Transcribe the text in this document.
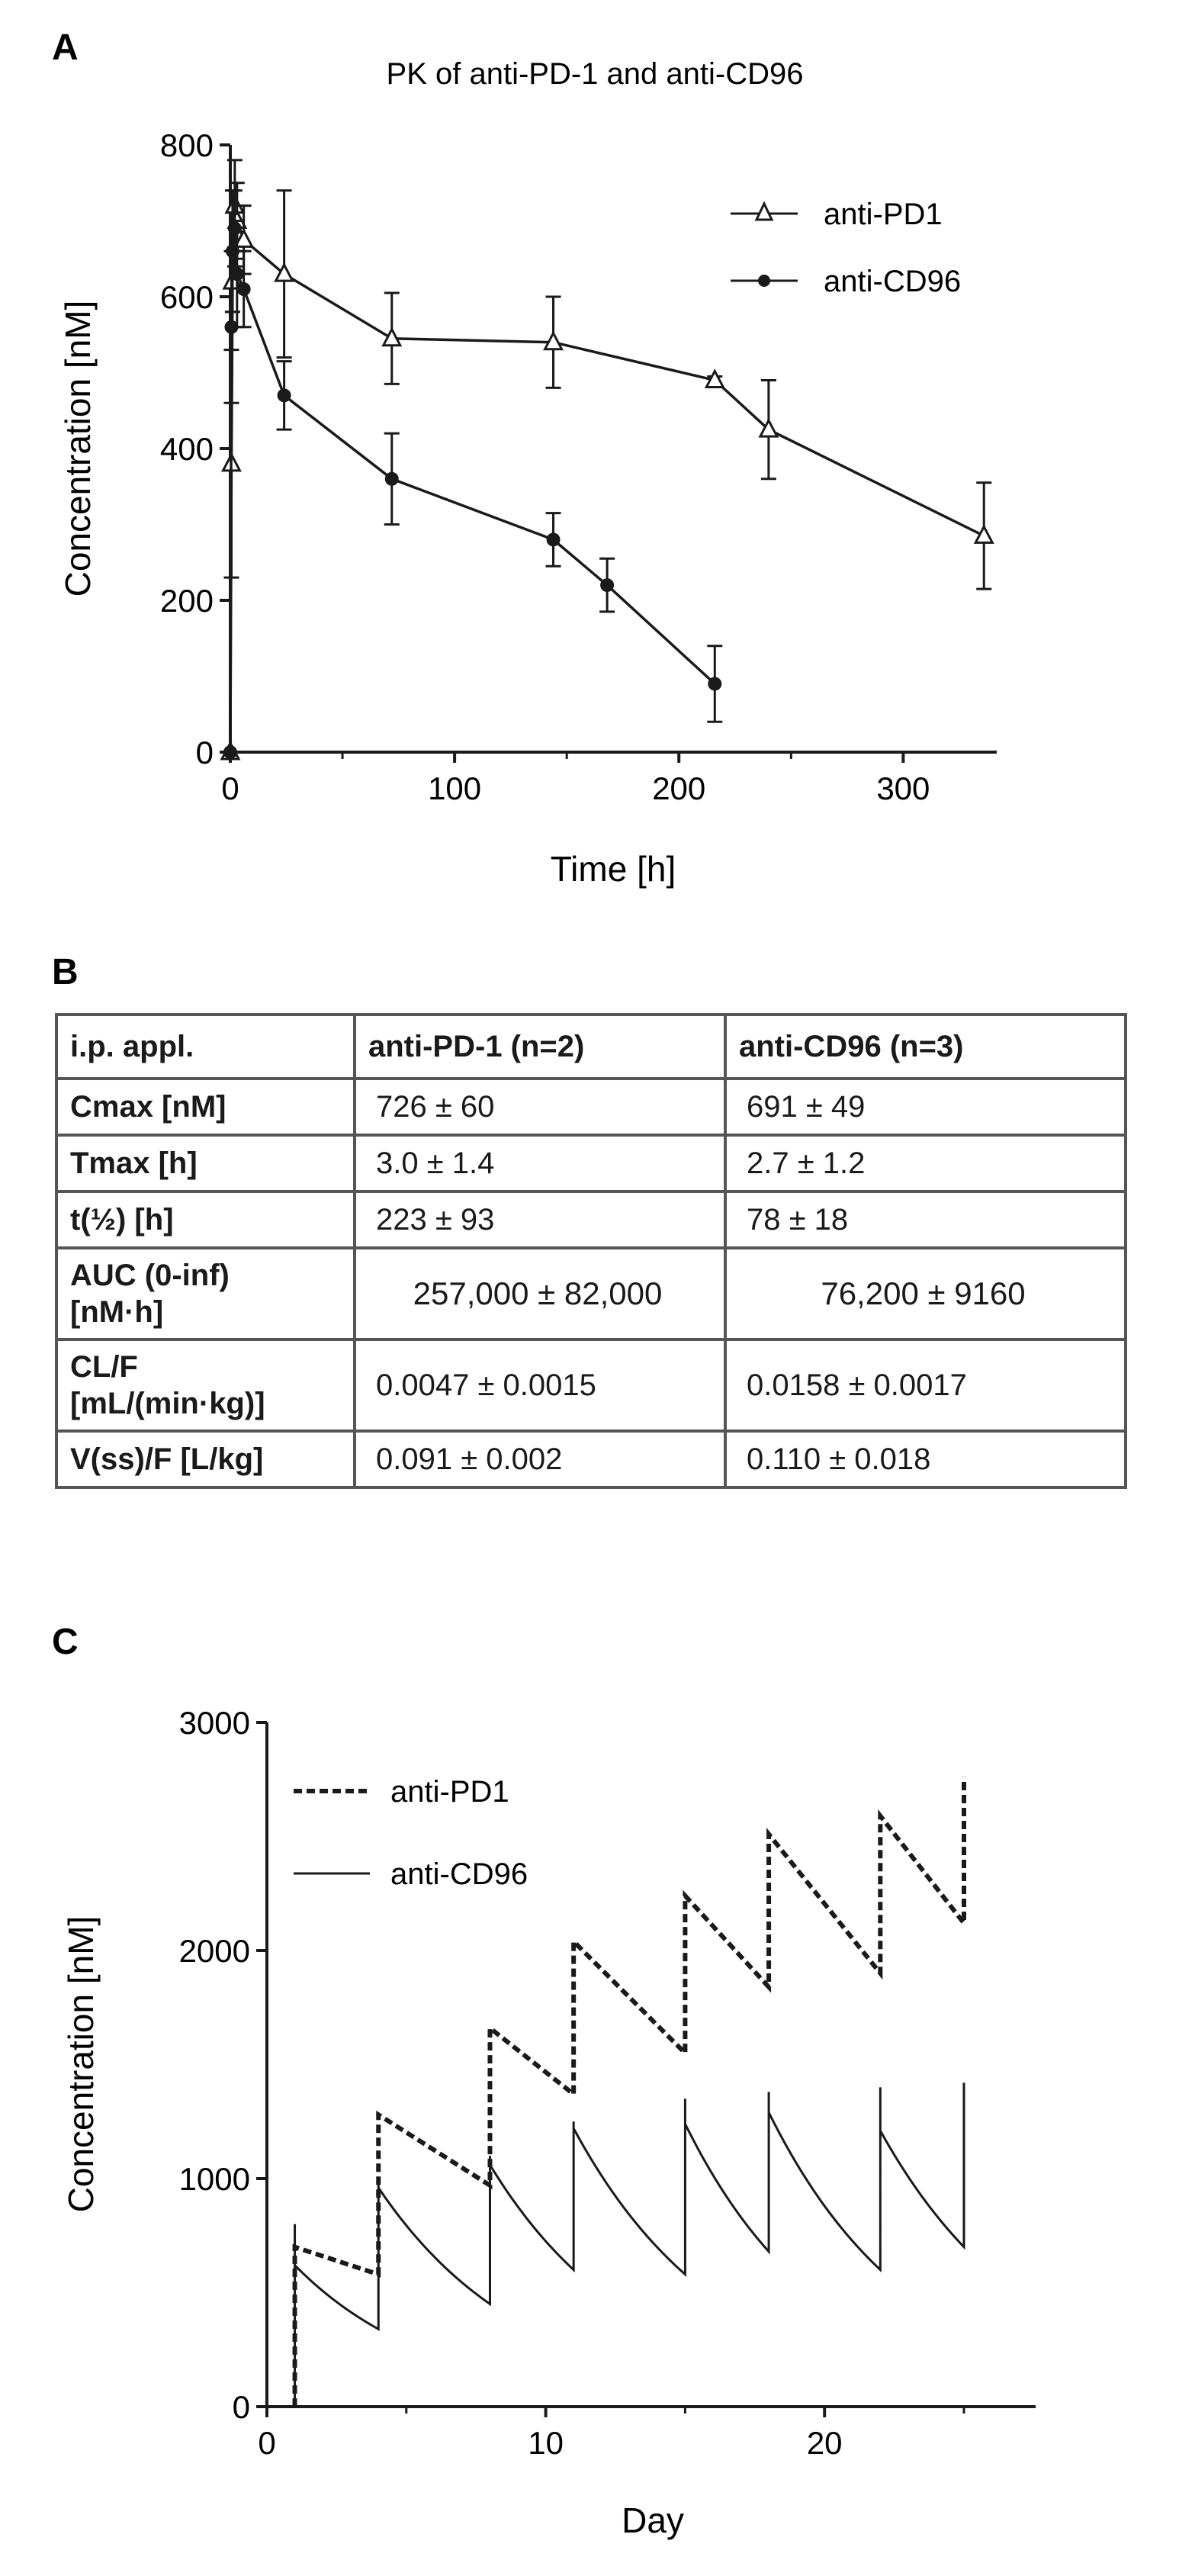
A
B
C
PK of anti-PD-1 and anti-CD96
0
200
400
600
800
0	100	200	300
Time [h]
Concentration [nM]
anti-PD1
anti-CD96
0
1000
2000
3000
0	10	20
Day
Concentration [nM]
anti-PD1
anti-CD96
i.p. appl.	anti-PD-1 (n=2)	anti-CD96 (n=3)

Cmax [nM]	726 ± 60	691 ± 49

Tmax [h]	3.0 ± 1.4	2.7 ± 1.2

t(½) [h]	223 ± 93	78 ± 18

AUC (0-inf)
[nM·h]	257,000 ± 82,000	76,200 ± 9160

CL/F
[mL/(min·kg)]	0.0047 ± 0.0015	0.0158 ± 0.0017

V(ss)/F [L/kg]	0.091 ± 0.002	0.110 ± 0.018
